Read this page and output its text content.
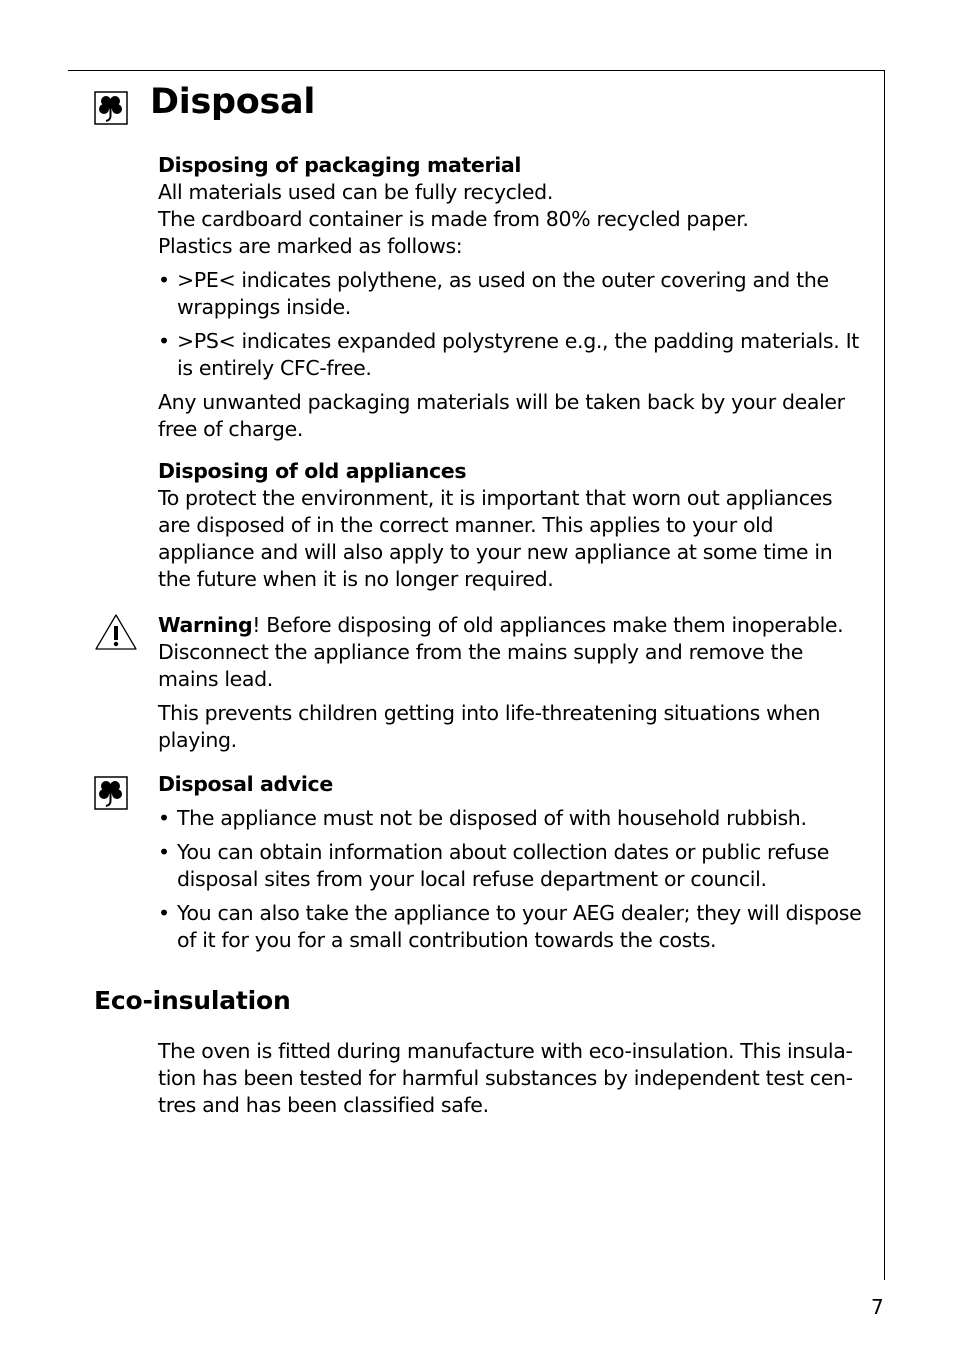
Disposal

Disposing of packaging material

All materials used can be fully recycled.

The cardboard container is made from 80% recycled paper.

Plastics are marked as follows:

• >PE< indicates polythene, as used on the outer covering and the wrappings inside.

• >PS< indicates expanded polystyrene e.g., the padding materials. It is entirely CFC-free.

Any unwanted packaging materials will be taken back by your dealer free of charge.

Disposing of old appliances

To protect the environment, it is important that worn out appliances are disposed of in the correct manner. This applies to your old appliance and will also apply to your new appliance at some time in the future when it is no longer required.

Warning! Before disposing of old appliances make them inoperable. Disconnect the appliance from the mains supply and remove the mains lead.

This prevents children getting into life-threatening situations when playing.

Disposal advice

• The appliance must not be disposed of with household rubbish.

• You can obtain information about collection dates or public refuse disposal sites from your local refuse department or council.

• You can also take the appliance to your AEG dealer; they will dispose of it for you for a small contribution towards the costs.

Eco-insulation

The oven is fitted during manufacture with eco-insulation. This insula-tion has been tested for harmful substances by independent test cen-tres and has been classified safe.

7
